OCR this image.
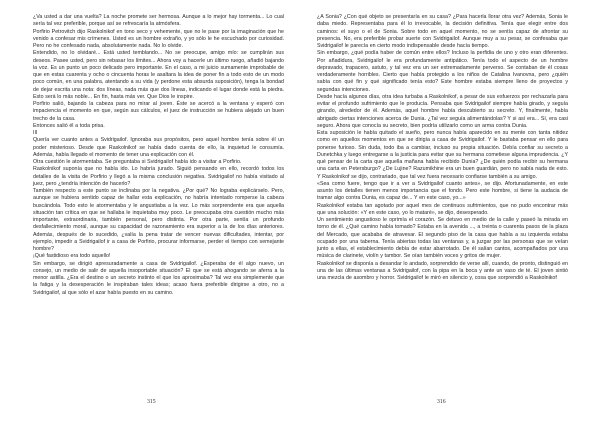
¿Va usted a dar una vuelta? La noche promete ser hermosa. Aunque a lo mejor hay tormenta... Lo cual sería tal vez preferible, porque así se refrescaría la atmósfera.

Porfirio Petrovitch dijo Raskolnikof en tono seco y vehemente, que no le pase por la imaginación que he venido a confesar mis crímenes. Usted es un hombre extraño, y yo sólo le he escuchado por curiosidad. Pero no he confesado nada, absolutamente nada. No lo olvide.

Entendido, no lo olvidaré... Está usted temblando... No se preocupe, amigo mío: se cumplirán sus deseos. Pasee usted, pero sin rebasar los límites... Ahora voy a hacerle un último ruego, añadió bajando la voz. Es un punto un poco delicado pero importante. En el caso, a mi juicio sumamente improbable de que en estas cuarenta y ocho o cincuenta horas le asaltara la idea de poner fin a todo esto de un modo poco común, en una palabra, atentando a su vida (y perdone esta absurda suposición), tenga la bondad de dejar escrita una nota: dos líneas, nada más que dos líneas, indicando el lugar donde está la piedra. Esto será lo más noble... En fin, hasta más ver. Que Dios le inspire.

Porfirio salió, bajando la cabeza para no mirar al joven. Éste se acercó a la ventana y esperó con impaciencia el momento en que, según sus cálculos, el juez de instrucción se hubiera alejado un buen trecho de la casa.

Entonces salió él a toda prisa.

III

Quería ver cuanto antes a Svidrigailof. Ignoraba sus propósitos, pero aquel hombre tenía sobre él un poder misterioso. Desde que Raskolnikof se había dado cuenta de ello, la inquietud le consumía. Además, había llegado el momento de tener una explicación con él.

Otra cuestión le atormentaba. Se preguntaba si Svidrigailof había ido a visitar a Porfirio.

Raskolnikof suponía que no había ido. Lo habría jurado. Siguió pensando en ello, recordó todos los detalles de la visita de Porfirio y llegó a la misma conclusión negativa. Svidrigailof no había visitado al juez, pero ¿tendría intención de hacerlo?

También respecto a este punto se inclinaba por la negativa. ¿Por qué? No lograba explicárselo. Pero, aunque se hubiera sentido capaz de hallar esta explicación, no habría intentado romperse la cabeza buscándola. Todo esto le atormentaba y le angustiaba a la vez. Lo más sorprendente era que aquella situación tan crítica en que se hallaba le inquietaba muy poco. Le preocupaba otra cuestión mucho más importante, extraordinaria, también personal, pero distinta. Por otra parte, sentía un profundo desfallecimiento moral, aunque su capacidad de razonamiento era superior a la de los días anteriores. Además, después de lo sucedido, ¿valía la pena tratar de vencer nuevas dificultades, intentar, por ejemplo, impedir a Svidrigailof ir a casa de Porfirio, procurar informarse, perder el tiempo con semejante hombre?

¡Qué fastidioso era todo aquello!

Sin embargo, se dirigió apresuradamente a casa de Svidrigailof. ¿Esperaba de él algo nuevo, un consejo, un medio de salir de aquella insoportable situación? El que se está ahogando se aferra a la menor astilla. ¿Era el destino o un secreto instinto el que los aproximaba? Tal vez era simplemente que la fatiga y la desesperación le inspiraban tales ideas; acaso fuera preferible dirigirse a otro, no a Svidrigailof, al que sólo el azar había puesto en su camino.

315

¿A Sonia? ¿Con qué objeto se presentaría en su casa? ¿Para hacerla llorar otra vez? Además, Sonia le daba miedo. Representaba para él lo irrevocable, la decisión definitiva. Tenía que elegir entre dos caminos: el suyo o el de Sonia. Sobre todo en aquel momento, no se sentía capaz de afrontar su presencia. No, era preferible probar suerte con Svidrigailof. Aunque muy a su pesar, se confesaba que Svidrigailof le parecía en cierto modo indispensable desde hacía tiempo.

Sin embargo, ¿qué podía haber de común entre ellos? Incluso la perfidia de uno y otro eran diferentes. Por añadidura, Svidrigailof le era profundamente antipático. Tenía todo el aspecto de un hombre depravado, trapacero, astuto, y tal vez era un ser extremadamente perverso. Se contaban de él cosas verdaderamente horribles. Cierto que había protegido a los niños de Catalina Ivanovna, pero ¿quién sabía con qué fin y qué significado tenía esto? Este hombre estaba siempre lleno de proyectos y segundas intenciones.

Desde hacía algunos días, otra idea turbaba a Raskolnikof, a pesar de sus esfuerzos por rechazarla para evitar el profundo sufrimiento que le producía. Pensaba que Svidrigailof siempre había girado, y seguía girando, alrededor de él. Además, aquel hombre había descubierto su secreto. Y, finalmente, había abrigado ciertas intenciones acerca de Dunia. ¿Tal vez seguía alimentándolas? Y si así era... Sí, era casi seguro. Ahora que conocía su secreto, bien podría utilizarlo como un arma contra Dunia.

Esta suposición le había quitado el sueño, pero nunca había aparecido en su mente con tanta nitidez como en aquellos momentos en que se dirigía a casa de Svidrigailof. Y le bastaba pensar en ello para ponerse furioso. Sin duda, todo iba a cambiar, incluso su propia situación. Debía confiar su secreto a Dunetchka y luego entregarse a la justicia para evitar que su hermana cometiese alguna imprudencia. ¿Y qué pensar de la carta que aquella mañana había recibido Dunia? ¿De quién podía recibir su hermana una carta en Petersburgo? ¿De Lujine? Razumikhine era un buen guardián, pero no sabía nada de esto. Y Raskolnikof se dijo, contrariado, que tal vez fuera necesario confiarse también a su amigo.

«Sea como fuere, tengo que ir a ver a Svidrigailof cuanto antes», se dijo. Afortunadamente, en este asunto los detalles tienen menos importancia que el fondo. Pero este hombre, si tiene la audacia de tramar algo contra Dunia, es capaz de... Y en este caso, yo...»

Raskolnikof estaba tan agotado por aquel mes de continuos sufrimientos, que no pudo encontrar más que una solución: «Y en este caso, yo lo mataré», se dijo, desesperado.

Un sentimiento angustioso le oprimía el corazón. Se detuvo en medio de la calle y paseó la mirada en torno de él. ¿Qué camino había tomado? Estaba en la avenida ..., a treinta o cuarenta pasos de la plaza del Mercado, que acababa de atravesar. El segundo piso de la casa que había a su izquierda estaba ocupado por una taberna. Tenía abiertas todas las ventanas y, a juzgar por las personas que se veían junto a ellas, el establecimiento debía de estar abarrotado. De él salían cantos, acompañados por una música de clarinete, violín y tambor. Se oían también voces y gritos de mujer.

Raskolnikof se disponía a desandar lo andado, sorprendido de verse allí, cuando, de pronto, distinguió en una de las últimas ventanas a Svidrigailof, con la pipa en la boca y ante un vaso de té. El joven sintió una mezcla de asombro y horror. Svidrigailof le miró en silencio y, cosa que sorprendió a Raskolnikof

316
